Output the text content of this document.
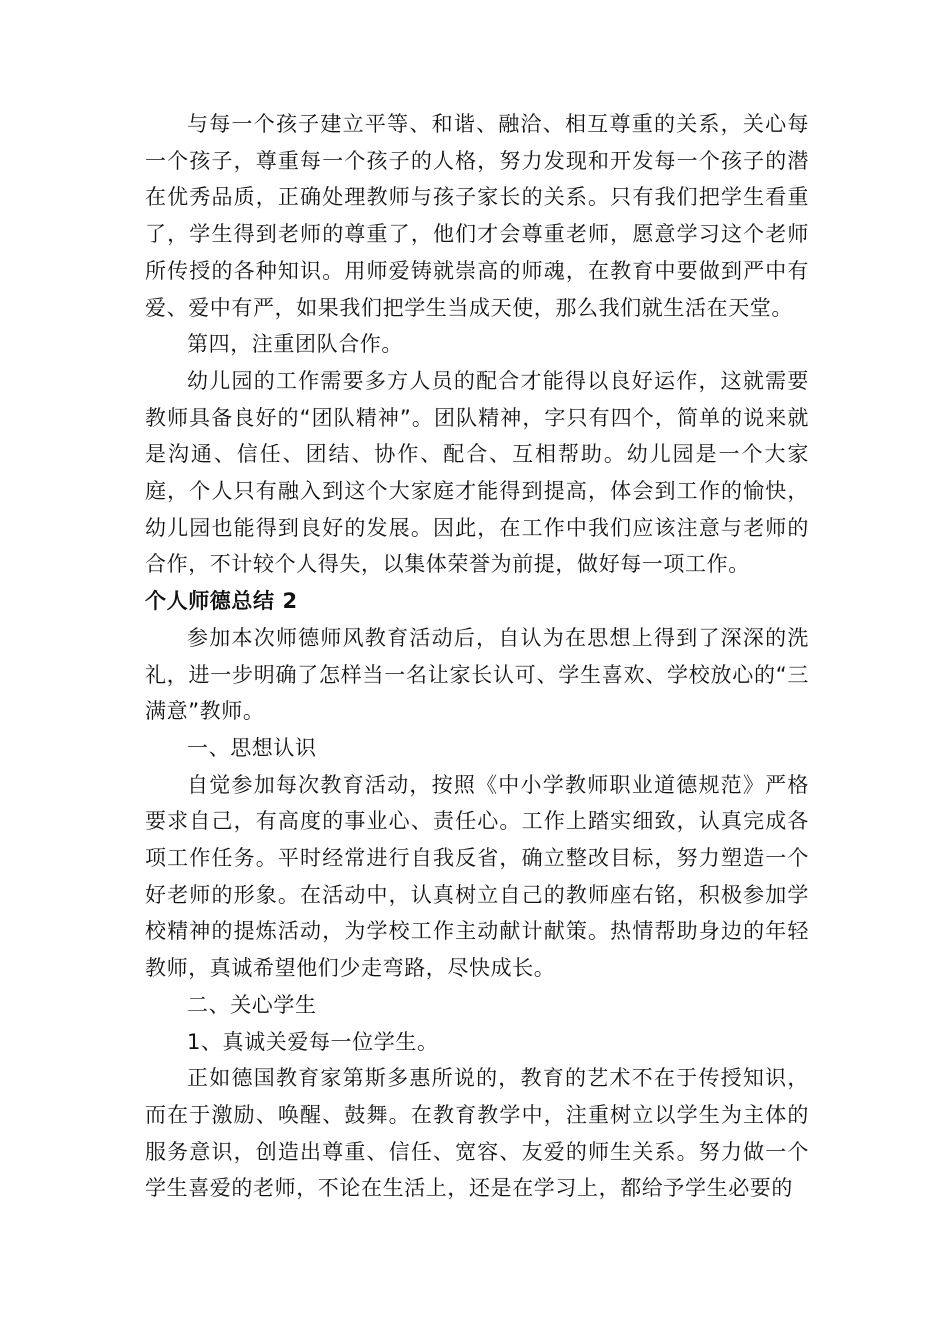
与每一个孩子建立平等、和谐、融洽、相互尊重的关系，关心每一个孩子，尊重每一个孩子的人格，努力发现和开发每一个孩子的潜在优秀品质，正确处理教师与孩子家长的关系。只有我们把学生看重了，学生得到老师的尊重了，他们才会尊重老师，愿意学习这个老师所传授的各种知识。用师爱铸就崇高的师魂，在教育中要做到严中有爱、爱中有严，如果我们把学生当成天使，那么我们就生活在天堂。

第四，注重团队合作。

幼儿园的工作需要多方人员的配合才能得以良好运作，这就需要教师具备良好的“团队精神”。团队精神，字只有四个，简单的说来就是沟通、信任、团结、协作、配合、互相帮助。幼儿园是一个大家庭，个人只有融入到这个大家庭才能得到提高，体会到工作的愉快，幼儿园也能得到良好的发展。因此，在工作中我们应该注意与老师的合作，不计较个人得失，以集体荣誉为前提，做好每一项工作。

个人师德总结 2

参加本次师德师风教育活动后，自认为在思想上得到了深深的洗礼，进一步明确了怎样当一名让家长认可、学生喜欢、学校放心的“三满意”教师。

一、思想认识

自觉参加每次教育活动，按照《中小学教师职业道德规范》严格要求自己，有高度的事业心、责任心。工作上踏实细致，认真完成各项工作任务。平时经常进行自我反省，确立整改目标，努力塑造一个好老师的形象。在活动中，认真树立自己的教师座右铭，积极参加学校精神的提炼活动，为学校工作主动献计献策。热情帮助身边的年轻教师，真诚希望他们少走弯路，尽快成长。

二、关心学生

1、真诚关爱每一位学生。

正如德国教育家第斯多惠所说的，教育的艺术不在于传授知识，而在于激励、唤醒、鼓舞。在教育教学中，注重树立以学生为主体的服务意识，创造出尊重、信任、宽容、友爱的师生关系。努力做一个学生喜爱的老师，不论在生活上，还是在学习上，都给予学生必要的
